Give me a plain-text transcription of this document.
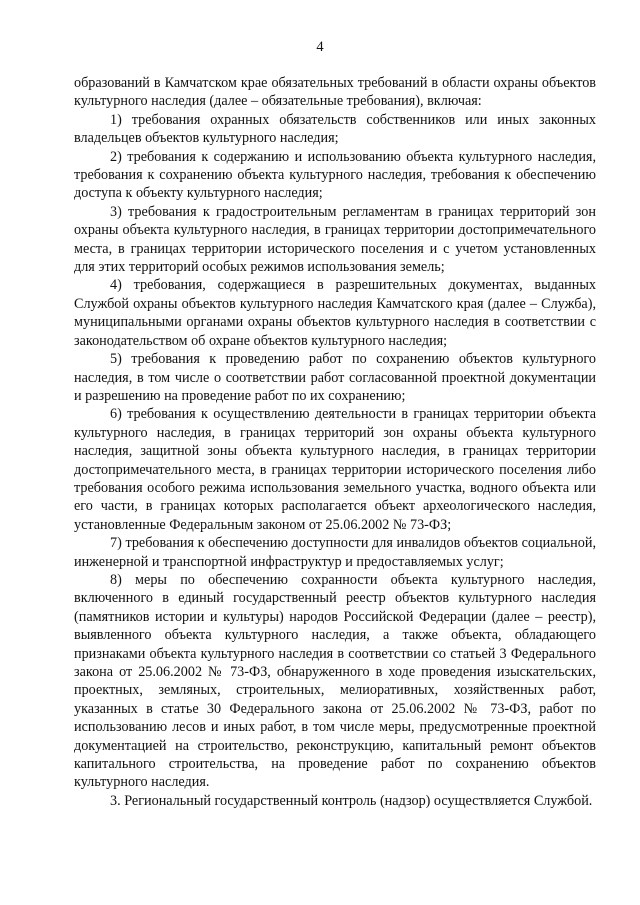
4

образований в Камчатском крае обязательных требований в области охраны объектов культурного наследия (далее – обязательные требования), включая:

1) требования охранных обязательств собственников или иных законных владельцев объектов культурного наследия;

2) требования к содержанию и использованию объекта культурного наследия, требования к сохранению объекта культурного наследия, требования к обеспечению доступа к объекту культурного наследия;

3) требования к градостроительным регламентам в границах территорий зон охраны объекта культурного наследия, в границах территории достопримечательного места, в границах территории исторического поселения и с учетом установленных для этих территорий особых режимов использования земель;

4) требования, содержащиеся в разрешительных документах, выданных Службой охраны объектов культурного наследия Камчатского края (далее – Служба), муниципальными органами охраны объектов культурного наследия в соответствии с законодательством об охране объектов культурного наследия;

5) требования к проведению работ по сохранению объектов культурного наследия, в том числе о соответствии работ согласованной проектной документации и разрешению на проведение работ по их сохранению;

6) требования к осуществлению деятельности в границах территории объекта культурного наследия, в границах территорий зон охраны объекта культурного наследия, защитной зоны объекта культурного наследия, в границах территории достопримечательного места, в границах территории исторического поселения либо требования особого режима использования земельного участка, водного объекта или его части, в границах которых располагается объект археологического наследия, установленные Федеральным законом от 25.06.2002 № 73-ФЗ;

7) требования к обеспечению доступности для инвалидов объектов социальной, инженерной и транспортной инфраструктур и предоставляемых услуг;

8) меры по обеспечению сохранности объекта культурного наследия, включенного в единый государственный реестр объектов культурного наследия (памятников истории и культуры) народов Российской Федерации (далее – реестр), выявленного объекта культурного наследия, а также объекта, обладающего признаками объекта культурного наследия в соответствии со статьей 3 Федерального закона от 25.06.2002 № 73-ФЗ, обнаруженного в ходе проведения изыскательских, проектных, земляных, строительных, мелиоративных, хозяйственных работ, указанных в статье 30 Федерального закона от 25.06.2002 № 73-ФЗ, работ по использованию лесов и иных работ, в том числе меры, предусмотренные проектной документацией на строительство, реконструкцию, капитальный ремонт объектов капитального строительства, на проведение работ по сохранению объектов культурного наследия.

3. Региональный государственный контроль (надзор) осуществляется Службой.
